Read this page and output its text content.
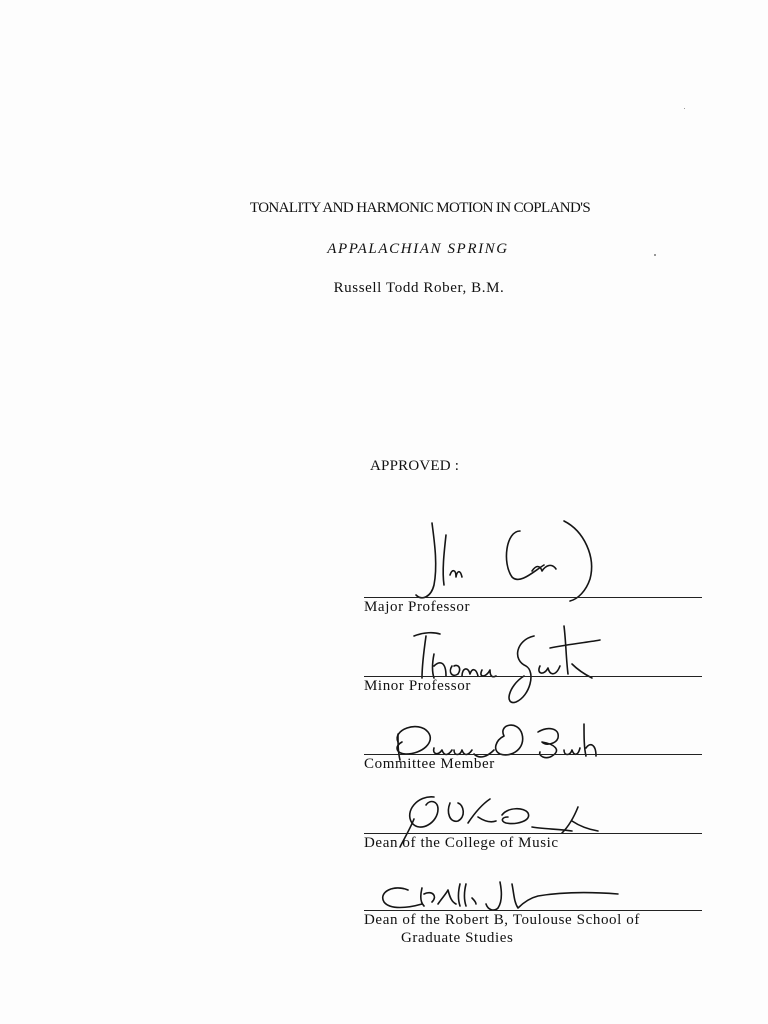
TONALITY AND HARMONIC MOTION IN COPLAND'S
APPALACHIAN SPRING
Russell Todd Rober, B.M.
APPROVED :
Major Professor
Minor Professor
Committee Member
Dean of the College of Music
Dean of the Robert B, Toulouse School of
Graduate Studies
